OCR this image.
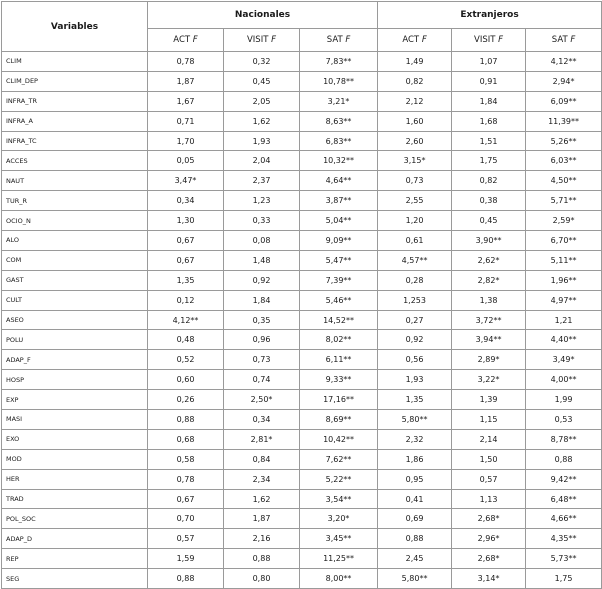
Variables	Nacionales			Extranjeros		
	ACT F	VISIT F	SAT F	ACT F	VISIT F	SAT F
CLIM	0,78	0,32	7,83**	1,49	1,07	4,12**
CLIM_DEP	1,87	0,45	10,78**	0,82	0,91	2,94*
INFRA_TR	1,67	2,05	3,21*	2,12	1,84	6,09**
INFRA_A	0,71	1,62	8,63**	1,60	1,68	11,39**
INFRA_TC	1,70	1,93	6,83**	2,60	1,51	5,26**
ACCES	0,05	2,04	10,32**	3,15*	1,75	6,03**
NAUT	3,47*	2,37	4,64**	0,73	0,82	4,50**
TUR_R	0,34	1,23	3,87**	2,55	0,38	5,71**
OCIO_N	1,30	0,33	5,04**	1,20	0,45	2,59*
ALO	0,67	0,08	9,09**	0,61	3,90**	6,70**
COM	0,67	1,48	5,47**	4,57**	2,62*	5,11**
GAST	1,35	0,92	7,39**	0,28	2,82*	1,96**
CULT	0,12	1,84	5,46**	1,253	1,38	4,97**
ASEO	4,12**	0,35	14,52**	0,27	3,72**	1,21
POLU	0,48	0,96	8,02**	0,92	3,94**	4,40**
ADAP_F	0,52	0,73	6,11**	0,56	2,89*	3,49*
HOSP	0,60	0,74	9,33**	1,93	3,22*	4,00**
EXP	0,26	2,50*	17,16**	1,35	1,39	1,99
MASI	0,88	0,34	8,69**	5,80**	1,15	0,53
EXO	0,68	2,81*	10,42**	2,32	2,14	8,78**
MOD	0,58	0,84	7,62**	1,86	1,50	0,88
HER	0,78	2,34	5,22**	0,95	0,57	9,42**
TRAD	0,67	1,62	3,54**	0,41	1,13	6,48**
POL_SOC	0,70	1,87	3,20*	0,69	2,68*	4,66**
ADAP_D	0,57	2,16	3,45**	0,88	2,96*	4,35**
REP	1,59	0,88	11,25**	2,45	2,68*	5,73**
SEG	0,88	0,80	8,00**	5,80**	3,14*	1,75
